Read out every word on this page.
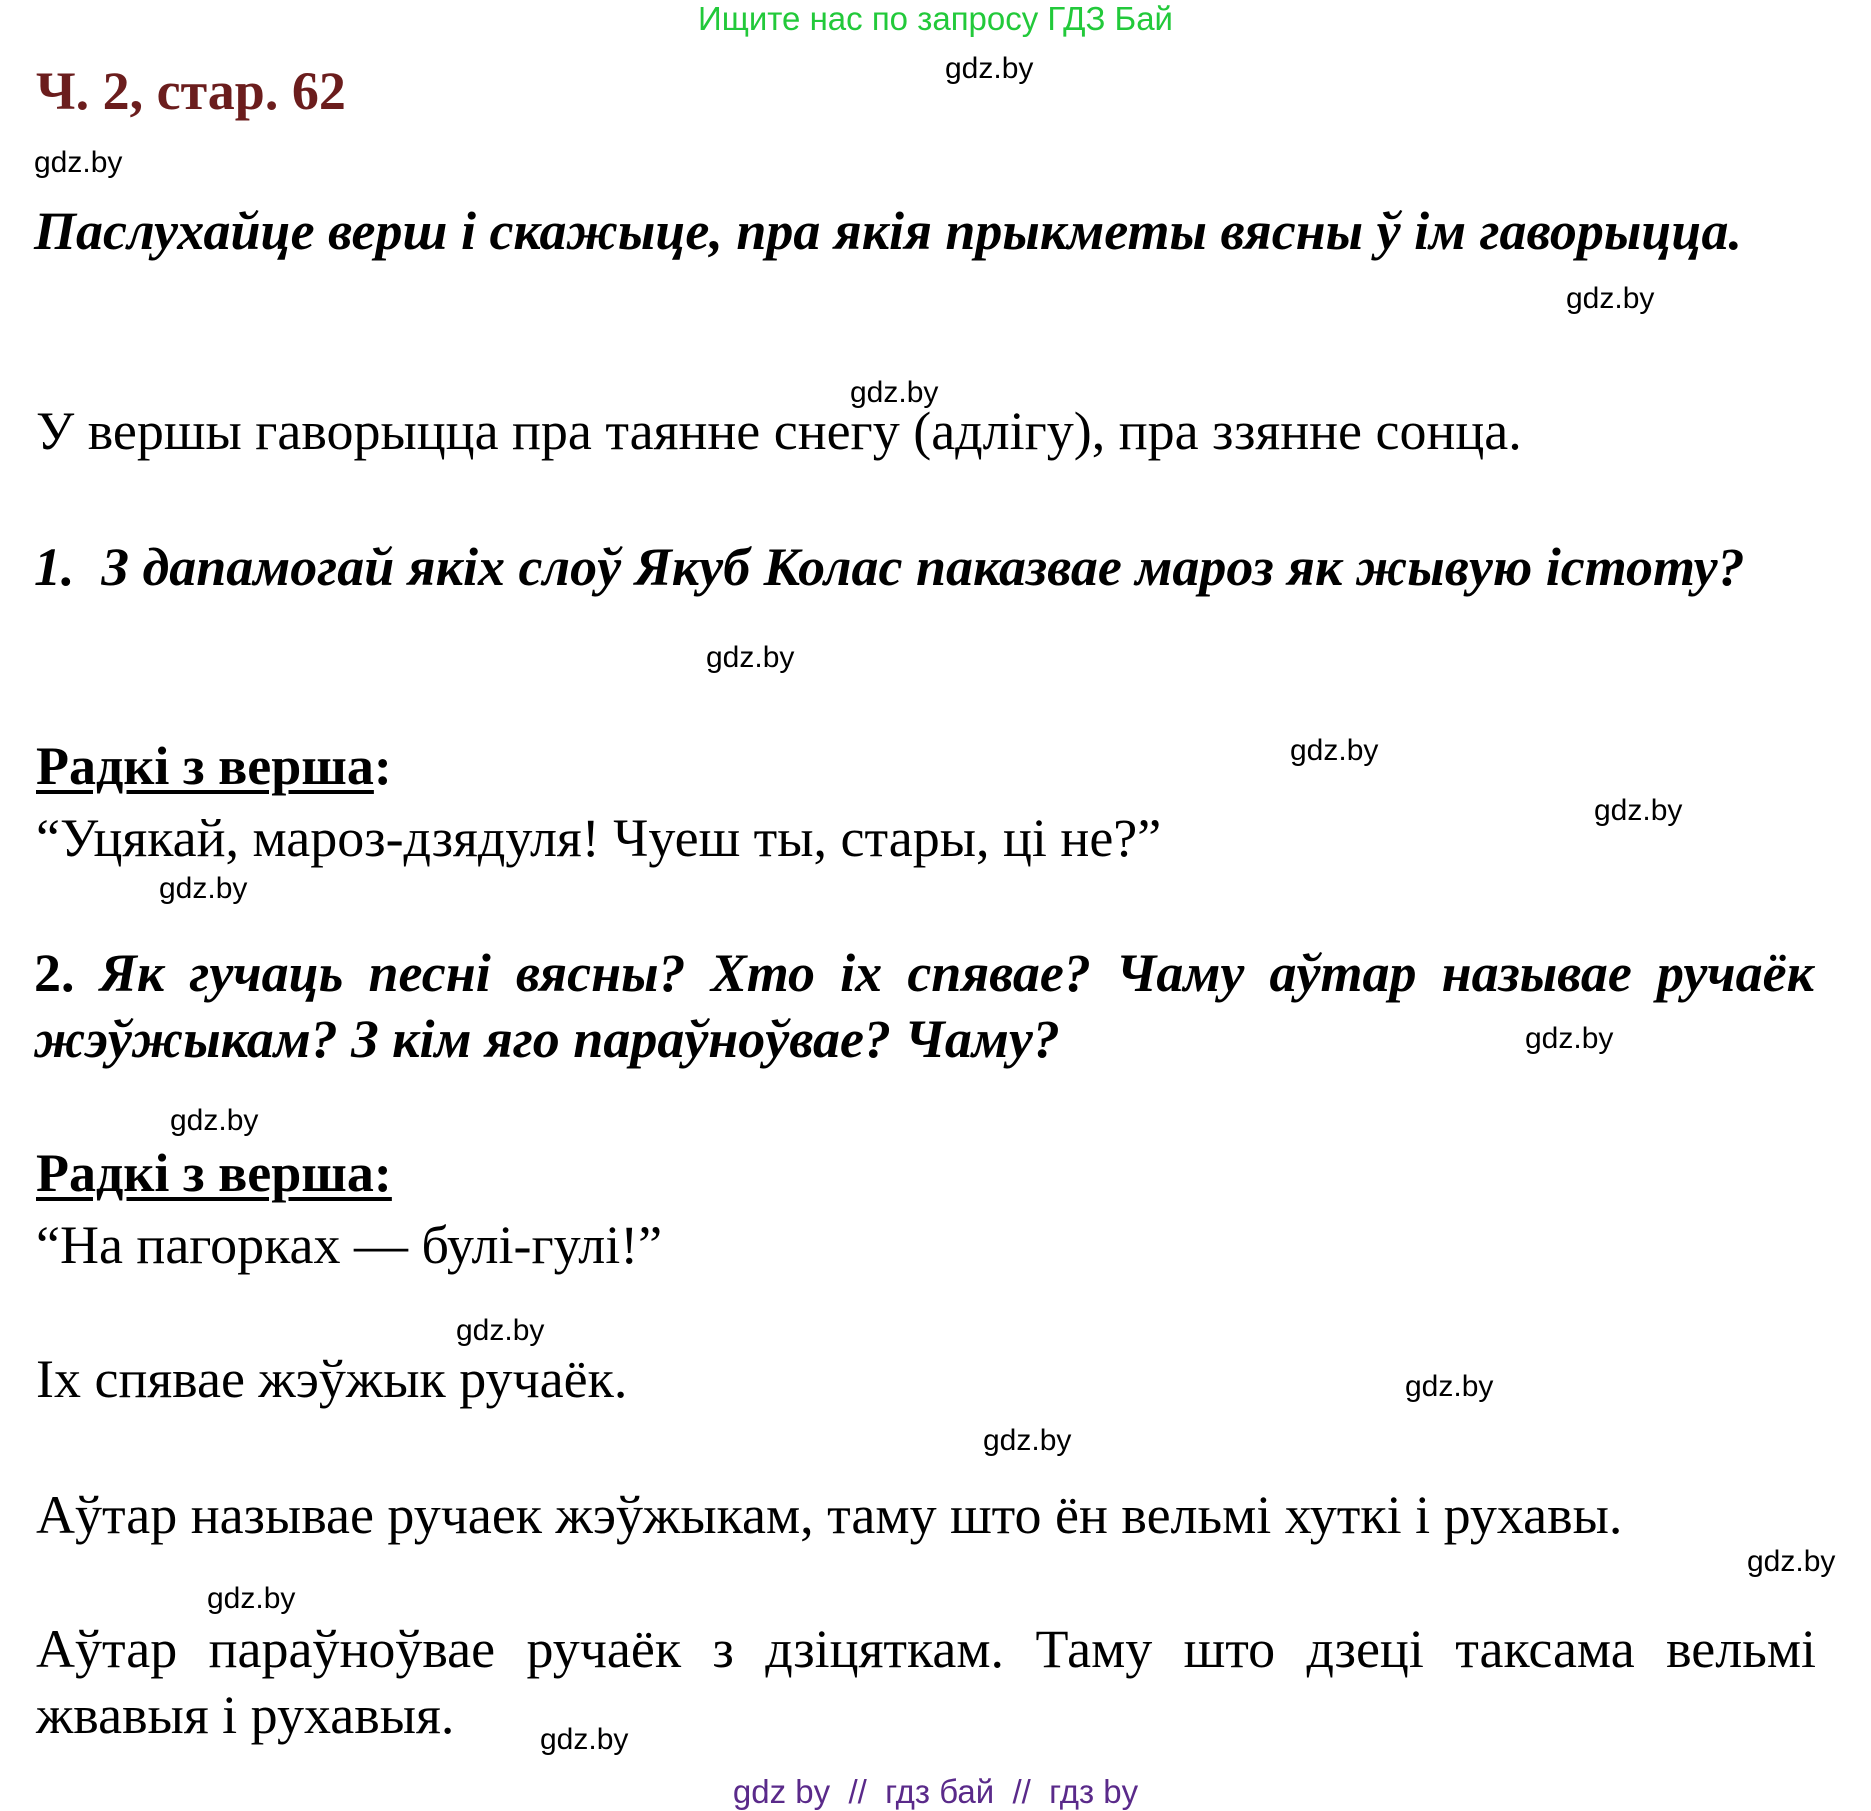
Ищите нас по запросу ГДЗ Бай
Ч. 2, стар. 62

Паслухайце верш і скажыце, пра якія прыкметы вясны ў ім гаворыцца.

У вершы гаворыцца пра таянне снегу (адлігу), пра ззянне сонца.

1. З дапамогай якіх слоў Якуб Колас паказвае мароз як жывую істоту?

Радкі з верша:

“Уцякай, мароз-дзядуля! Чуеш ты, стары, ці не?”

2. Як гучаць песні вясны? Хто іх спявае? Чаму аўтар называе ручаёк жэўжыкам? З кім яго параўноўвае? Чаму?

Радкі з верша:

“На пагорках — булі-гулі!”

Іх спявае жэўжык ручаёк.

Аўтар называе ручаек жэўжыкам, таму што ён вельмі хуткі і рухавы.

Аўтар параўноўвае ручаёк з дзіцяткам. Таму што дзеці таксама вельмі жвавыя і рухавыя.

gdz.by
gdz.by
gdz.by
gdz.by
gdz.by
gdz.by
gdz.by
gdz.by
gdz.by
gdz.by
gdz.by
gdz.by
gdz.by
gdz.by
gdz.by
gdz.by
gdz by  //  гдз бай  //  гдз by
